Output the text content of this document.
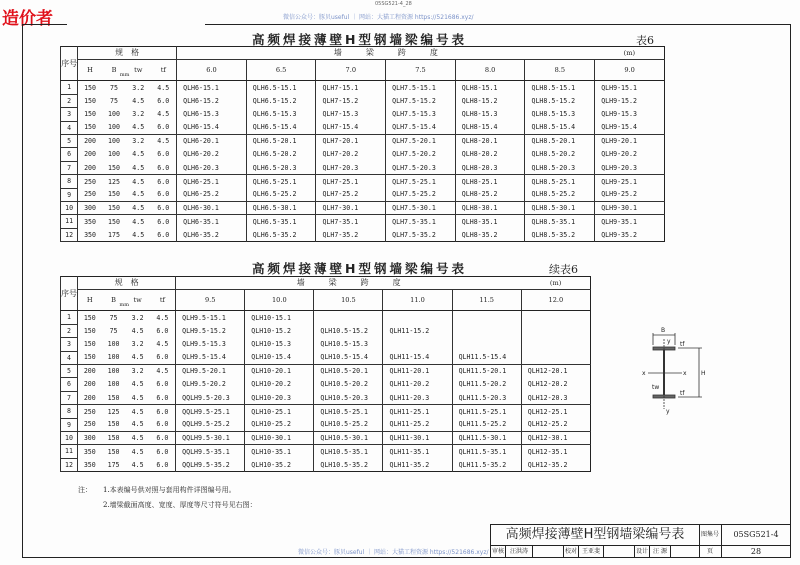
造价者
05SG521-4_28
微信公众号：豚贝useful ｜ 网站：大猫工程资源 https://521686.xyz/
高频焊接薄壁H型钢墙梁编号表	表6
序号	规　格				墙　　　梁　　　跨　　　度						(m)
	H	B
mm	tw	tf	6.0	6.5	7.0	7.5	8.0	8.5	9.0
1	150	75	3.2	4.5	QLH6-15.1	QLH6.5-15.1	QLH7-15.1	QLH7.5-15.1	QLH8-15.1	QLH8.5-15.1	QLH9-15.1
2	150	75	4.5	6.0	QLH6-15.2	QLH6.5-15.2	QLH7-15.2	QLH7.5-15.2	QLH8-15.2	QLH8.5-15.2	QLH9-15.2
3	150	100	3.2	4.5	QLH6-15.3	QLH6.5-15.3	QLH7-15.3	QLH7.5-15.3	QLH8-15.3	QLH8.5-15.3	QLH9-15.3
4	150	100	4.5	6.0	QLH6-15.4	QLH6.5-15.4	QLH7-15.4	QLH7.5-15.4	QLH8-15.4	QLH8.5-15.4	QLH9-15.4
5	200	100	3.2	4.5	QLH6-20.1	QLH6.5-20.1	QLH7-20.1	QLH7.5-20.1	QLH8-20.1	QLH8.5-20.1	QLH9-20.1
6	200	100	4.5	6.0	QLH6-20.2	QLH6.5-20.2	QLH7-20.2	QLH7.5-20.2	QLH8-20.2	QLH8.5-20.2	QLH9-20.2
7	200	150	4.5	6.0	QLH6-20.3	QLH6.5-20.3	QLH7-20.3	QLH7.5-20.3	QLH8-20.3	QLH8.5-20.3	QLH9-20.3
8	250	125	4.5	6.0	QLH6-25.1	QLH6.5-25.1	QLH7-25.1	QLH7.5-25.1	QLH8-25.1	QLH8.5-25.1	QLH9-25.1
9	250	150	4.5	6.0	QLH6-25.2	QLH6.5-25.2	QLH7-25.2	QLH7.5-25.2	QLH8-25.2	QLH8.5-25.2	QLH9-25.2
10	300	150	4.5	6.0	QLH6-30.1	QLH6.5-30.1	QLH7-30.1	QLH7.5-30.1	QLH8-30.1	QLH8.5-30.1	QLH9-30.1
11	350	150	4.5	6.0	QLH6-35.1	QLH6.5-35.1	QLH7-35.1	QLH7.5-35.1	QLH8-35.1	QLH8.5-35.1	QLH9-35.1
12	350	175	4.5	6.0	QLH6-35.2	QLH6.5-35.2	QLH7-35.2	QLH7.5-35.2	QLH8-35.2	QLH8.5-35.2	QLH9-35.2
高频焊接薄壁H型钢墙梁编号表	续表6
序号	规　格				墙　　　梁　　　跨　　　度					(m)
	H	B
mm	tw	tf	9.5	10.0	10.5	11.0	11.5	12.0
1	150	75	3.2	4.5	QLH9.5-15.1	QLH10-15.1				
2	150	75	4.5	6.0	QLH9.5-15.2	QLH10-15.2	QLH10.5-15.2	QLH11-15.2		
3	150	100	3.2	4.5	QLH9.5-15.3	QLH10-15.3	QLH10.5-15.3			
4	150	100	4.5	6.0	QLH9.5-15.4	QLH10-15.4	QLH10.5-15.4	QLH11-15.4	QLH11.5-15.4	
5	200	100	3.2	4.5	QLH9.5-20.1	QLH10-20.1	QLH10.5-20.1	QLH11-20.1	QLH11.5-20.1	QLH12-20.1
6	200	100	4.5	6.0	QLH9.5-20.2	QLH10-20.2	QLH10.5-20.2	QLH11-20.2	QLH11.5-20.2	QLH12-20.2
7	200	150	4.5	6.0	QQLH9.5-20.3	QLH10-20.3	QLH10.5-20.3	QLH11-20.3	QLH11.5-20.3	QLH12-20.3
8	250	125	4.5	6.0	QQLH9.5-25.1	QLH10-25.1	QLH10.5-25.1	QLH11-25.1	QLH11.5-25.1	QLH12-25.1
9	250	150	4.5	6.0	QQLH9.5-25.2	QLH10-25.2	QLH10.5-25.2	QLH11-25.2	QLH11.5-25.2	QLH12-25.2
10	300	150	4.5	6.0	QQLH9.5-30.1	QLH10-30.1	QLH10.5-30.1	QLH11-30.1	QLH11.5-30.1	QLH12-30.1
11	350	150	4.5	6.0	QQLH9.5-35.1	QLH10-35.1	QLH10.5-35.1	QLH11-35.1	QLH11.5-35.1	QLH12-35.1
12	350	175	4.5	6.0	QQLH9.5-35.2	QLH10-35.2	QLH10.5-35.2	QLH11-35.2	QLH11.5-35.2	QLH12-35.2
B
y
y
x	x
tw
tf
tf
H
注： 1.本表编号供对照与套用构件详图编号用。
2.墙梁截面高度、宽度、厚度等尺寸符号见右图：
微信公众号：豚贝useful ｜ 网站：大猫工程资源 https://521686.xyz/
高频焊接薄壁H型钢墙梁编号表	图集号	05SG521-4
审核 汪洪涛	校对 王亚斐	设计 汪 源	页	28
